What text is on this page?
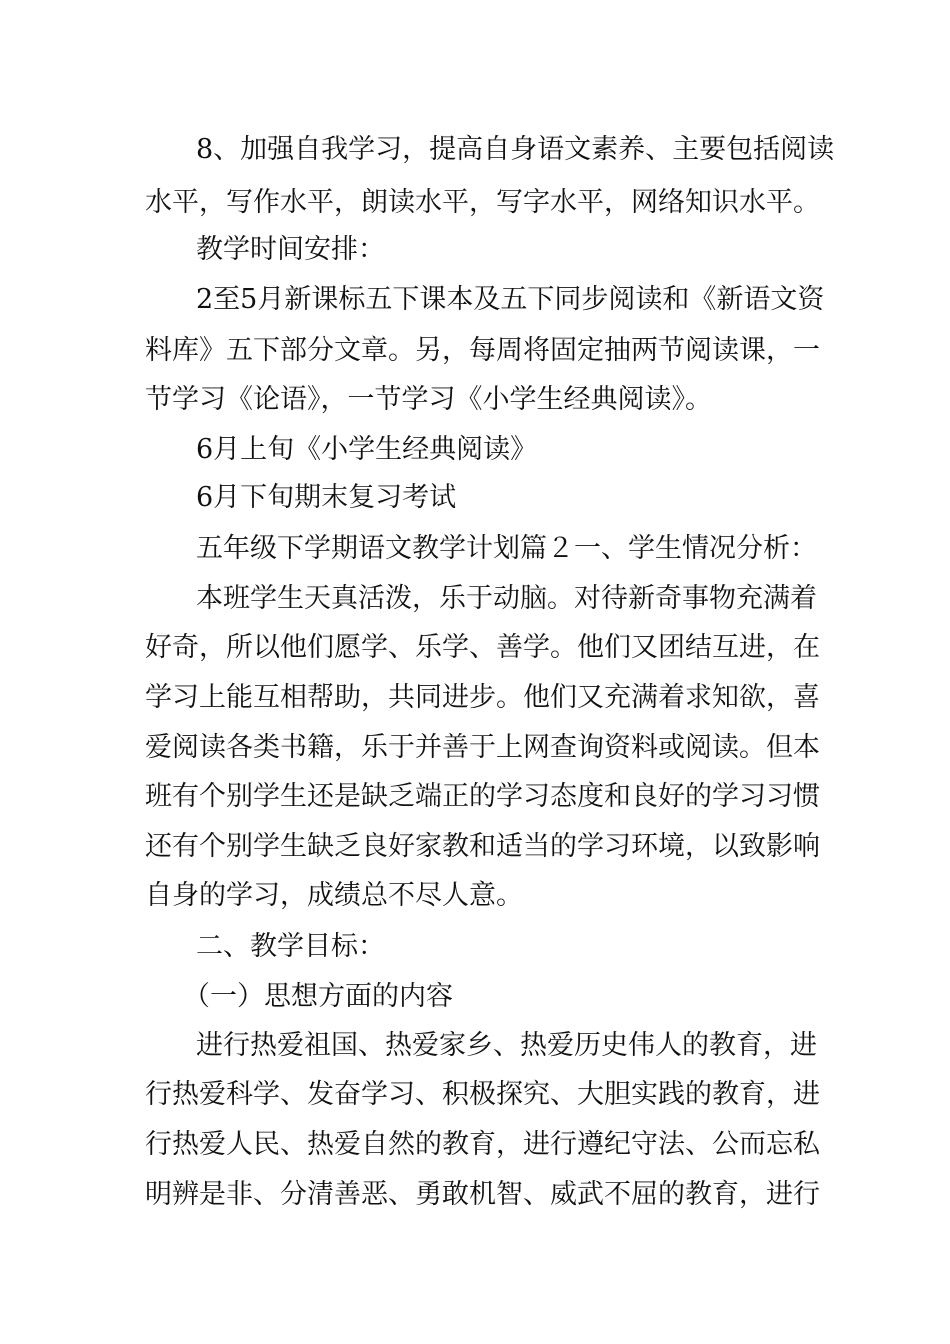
8、加强自我学习，提高自身语文素养、主要包括阅读
水平，写作水平，朗读水平，写字水平，网络知识水平。
教学时间安排：
2至5月新课标五下课本及五下同步阅读和《新语文资
料库》五下部分文章。另，每周将固定抽两节阅读课，一
节学习《论语》，一节学习《小学生经典阅读》。
6月上旬《小学生经典阅读》
6月下旬期末复习考试
五年级下学期语文教学计划篇２一、学生情况分析：
本班学生天真活泼，乐于动脑。对待新奇事物充满着
好奇，所以他们愿学、乐学、善学。他们又团结互进，在
学习上能互相帮助，共同进步。他们又充满着求知欲，喜
爱阅读各类书籍，乐于并善于上网查询资料或阅读。但本
班有个别学生还是缺乏端正的学习态度和良好的学习习惯
还有个别学生缺乏良好家教和适当的学习环境，以致影响
自身的学习，成绩总不尽人意。
二、教学目标：
（一）思想方面的内容
进行热爱祖国、热爱家乡、热爱历史伟人的教育，进
行热爱科学、发奋学习、积极探究、大胆实践的教育，进
行热爱人民、热爱自然的教育，进行遵纪守法、公而忘私
明辨是非、分清善恶、勇敢机智、威武不屈的教育，进行
